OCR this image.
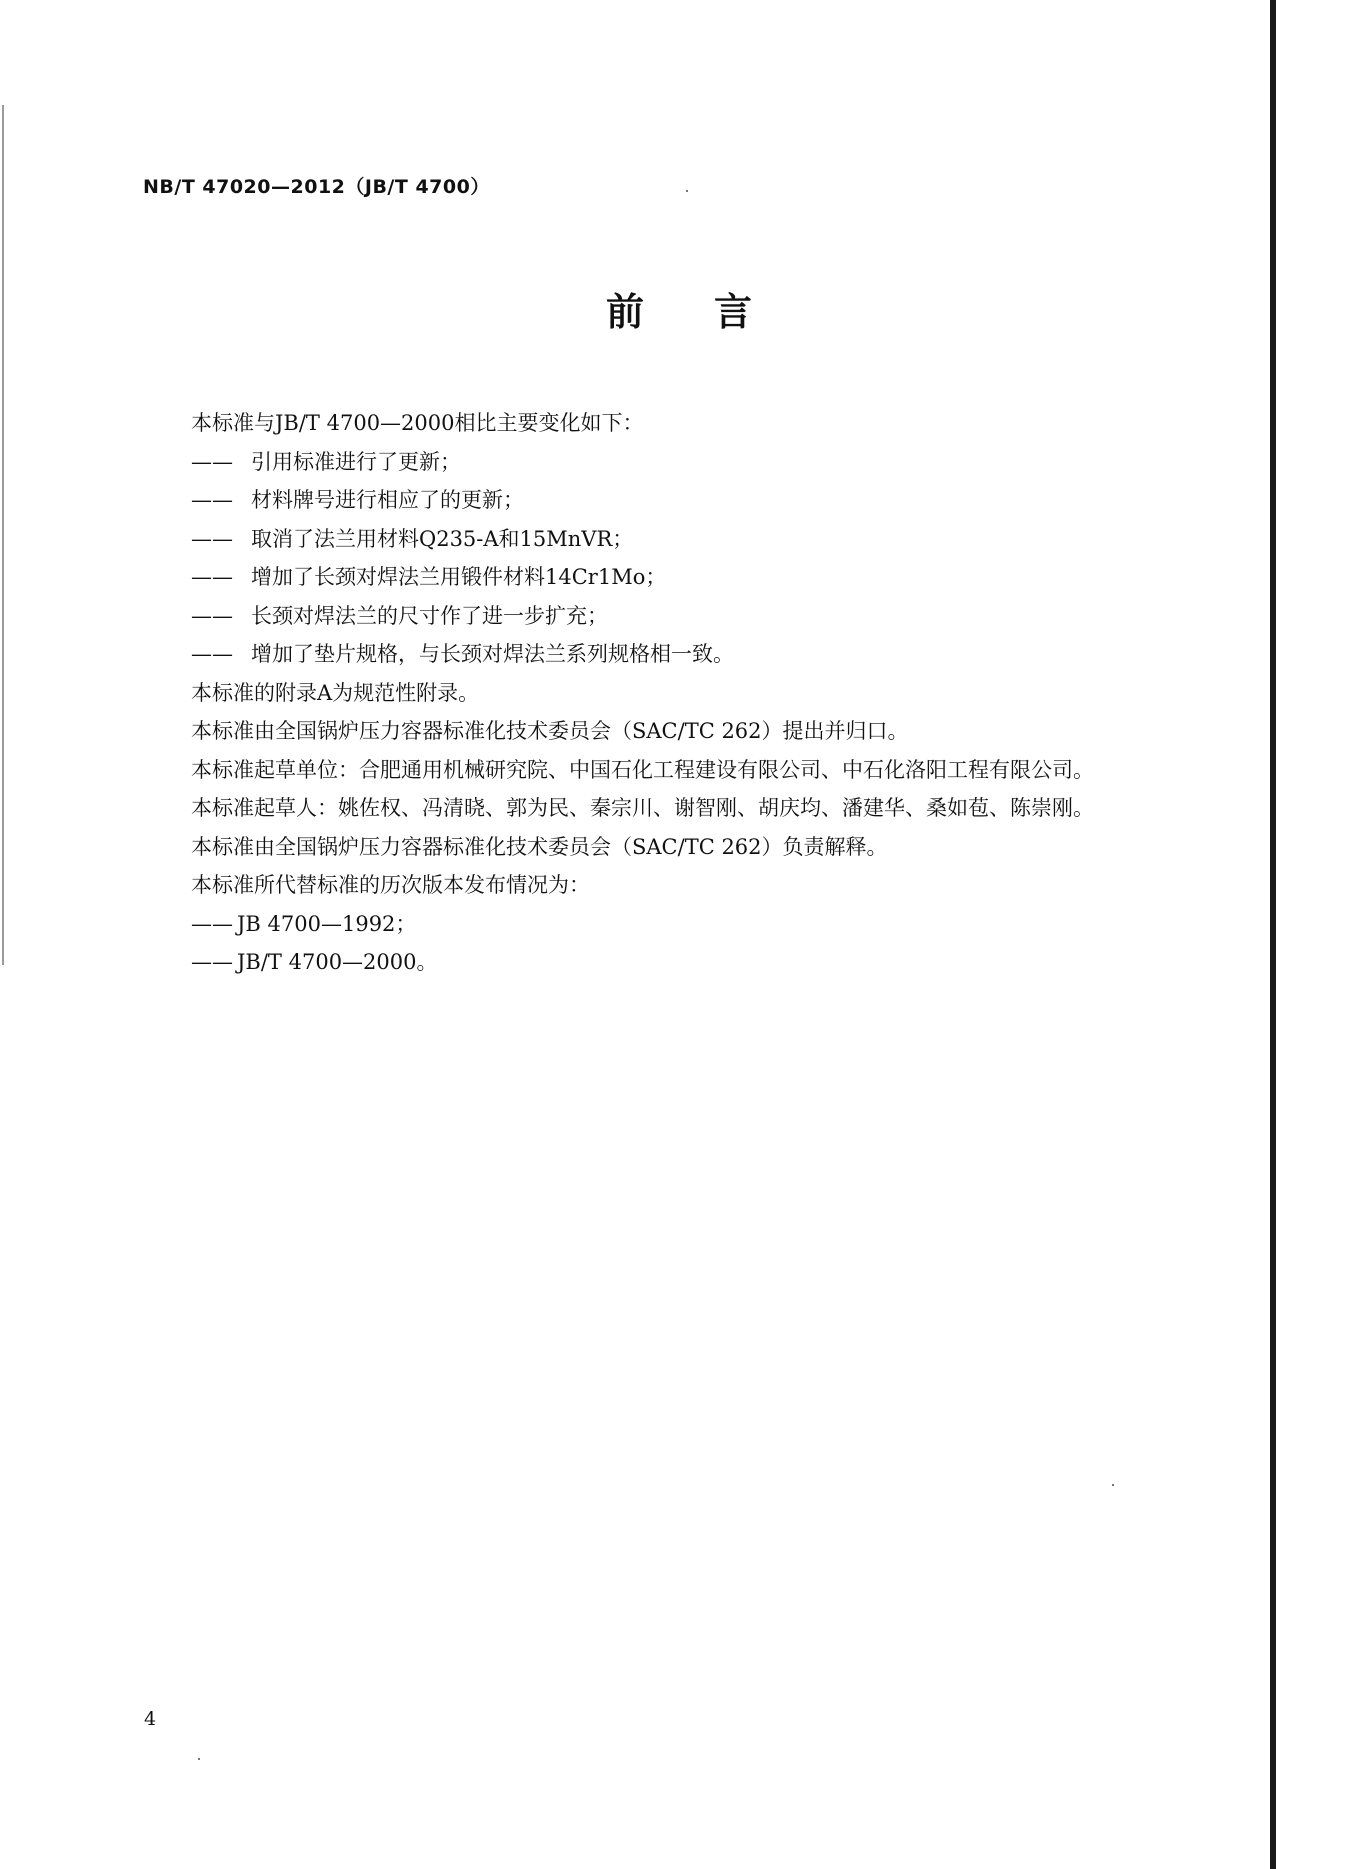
NB/T 47020—2012（JB/T 4700）
前 言
本标准与JB/T 4700—2000相比主要变化如下：
—— 引用标准进行了更新；
—— 材料牌号进行相应了的更新；
—— 取消了法兰用材料Q235-A和15MnVR；
—— 增加了长颈对焊法兰用锻件材料14Cr1Mo；
—— 长颈对焊法兰的尺寸作了进一步扩充；
—— 增加了垫片规格，与长颈对焊法兰系列规格相一致。
本标准的附录A为规范性附录。
本标准由全国锅炉压力容器标准化技术委员会（SAC/TC 262）提出并归口。
本标准起草单位：合肥通用机械研究院、中国石化工程建设有限公司、中石化洛阳工程有限公司。
本标准起草人：姚佐权、冯清晓、郭为民、秦宗川、谢智刚、胡庆均、潘建华、桑如苞、陈崇刚。
本标准由全国锅炉压力容器标准化技术委员会（SAC/TC 262）负责解释。
本标准所代替标准的历次版本发布情况为：
—— JB 4700—1992；
—— JB/T 4700—2000。
4
